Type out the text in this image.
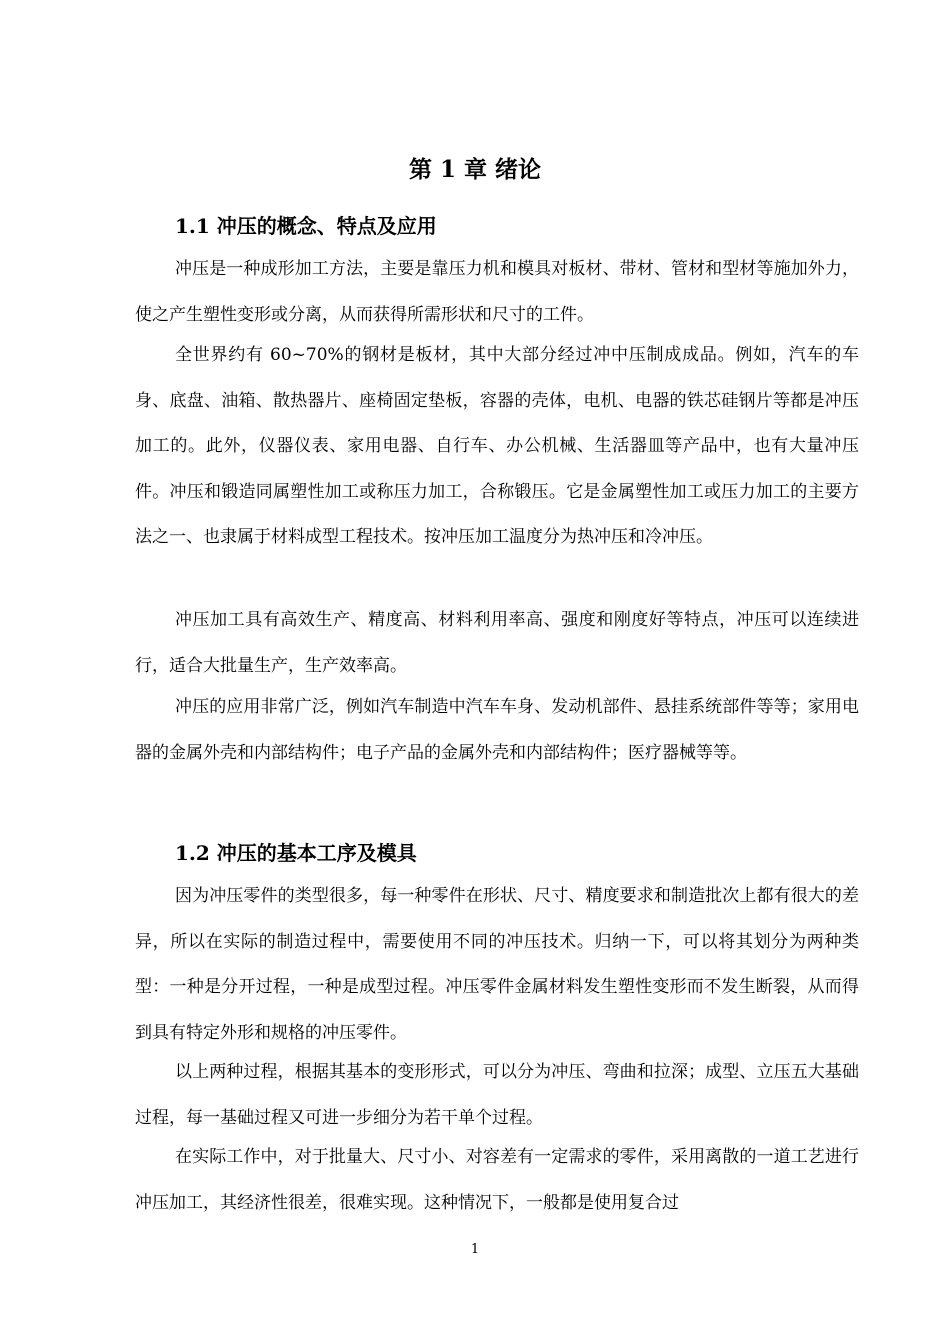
第 1 章 绪论
1.1 冲压的概念、特点及应用

冲压是一种成形加工方法，主要是靠压力机和模具对板材、带材、管材和型材等施加外力，使之产生塑性变形或分离，从而获得所需形状和尺寸的工件。

全世界约有 60~70%的钢材是板材，其中大部分经过冲中压制成成品。例如，汽车的车身、底盘、油箱、散热器片、座椅固定垫板，容器的壳体，电机、电器的铁芯硅钢片等都是冲压加工的。此外，仪器仪表、家用电器、自行车、办公机械、生活器皿等产品中，也有大量冲压件。冲压和锻造同属塑性加工或称压力加工，合称锻压。它是金属塑性加工或压力加工的主要方法之一、也隶属于材料成型工程技术。按冲压加工温度分为热冲压和冷冲压。

冲压加工具有高效生产、精度高、材料利用率高、强度和刚度好等特点，冲压可以连续进行，适合大批量生产，生产效率高。

冲压的应用非常广泛，例如汽车制造中汽车车身、发动机部件、悬挂系统部件等等；家用电器的金属外壳和内部结构件；电子产品的金属外壳和内部结构件；医疗器械等等。

1.2 冲压的基本工序及模具

因为冲压零件的类型很多，每一种零件在形状、尺寸、精度要求和制造批次上都有很大的差异，所以在实际的制造过程中，需要使用不同的冲压技术。归纳一下，可以将其划分为两种类型：一种是分开过程，一种是成型过程。冲压零件金属材料发生塑性变形而不发生断裂，从而得到具有特定外形和规格的冲压零件。

以上两种过程，根据其基本的变形形式，可以分为冲压、弯曲和拉深；成型、立压五大基础过程，每一基础过程又可进一步细分为若干单个过程。

在实际工作中，对于批量大、尺寸小、对容差有一定需求的零件，采用离散的一道工艺进行冲压加工，其经济性很差，很难实现。这种情况下，一般都是使用复合过

1
